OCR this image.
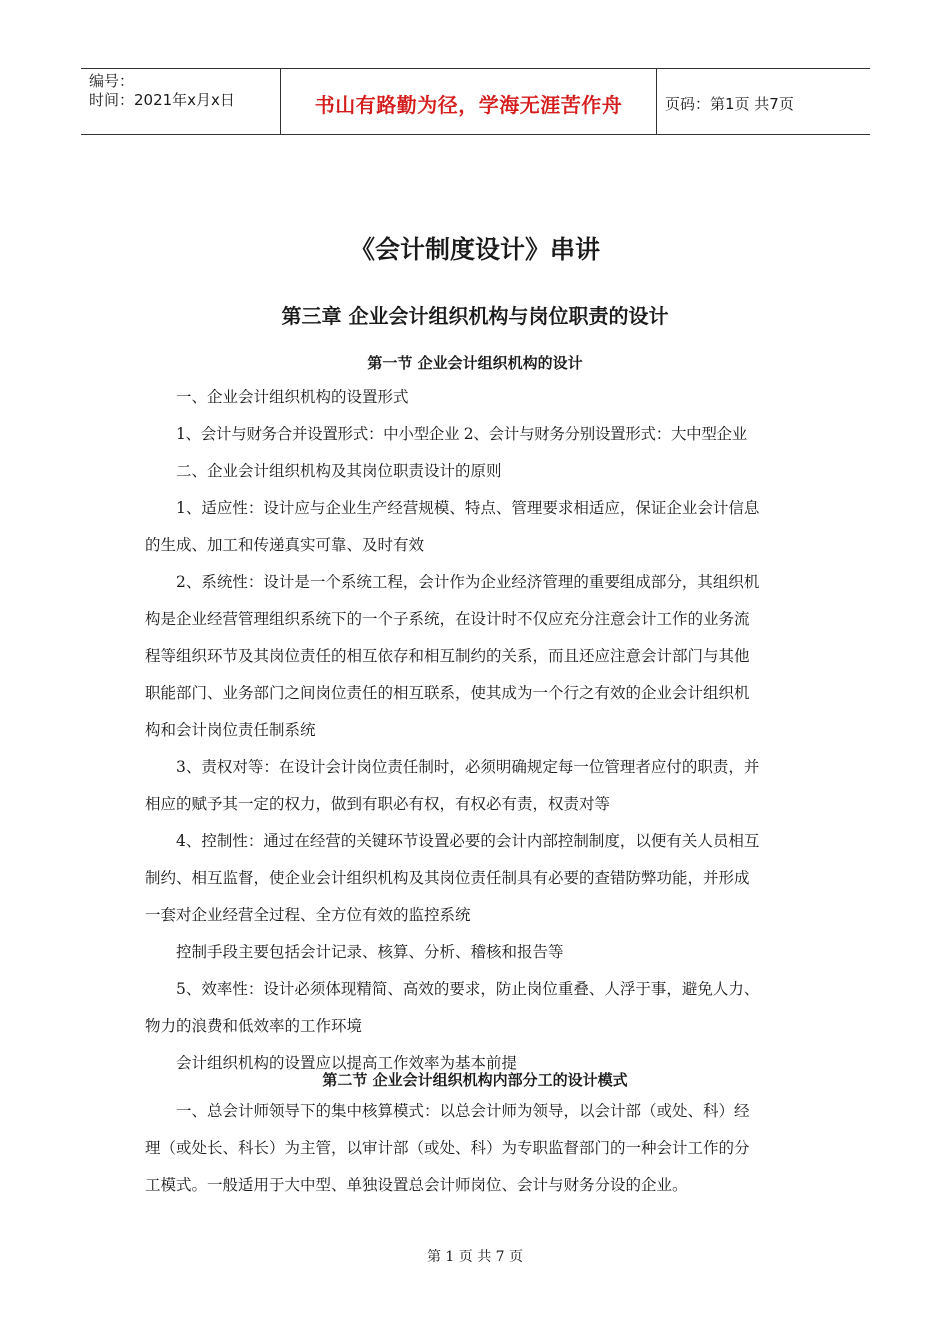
编号：
时间：2021年x月x日	书山有路勤为径，学海无涯苦作舟	页码：第1页 共7页
《会计制度设计》串讲
第三章 企业会计组织机构与岗位职责的设计
第一节 企业会计组织机构的设计

一、企业会计组织机构的设置形式

1、会计与财务合并设置形式：中小型企业 2、会计与财务分别设置形式：大中型企业

二、企业会计组织机构及其岗位职责设计的原则

1、适应性：设计应与企业生产经营规模、特点、管理要求相适应，保证企业会计信息

的生成、加工和传递真实可靠、及时有效

2、系统性：设计是一个系统工程，会计作为企业经济管理的重要组成部分，其组织机

构是企业经营管理组织系统下的一个子系统，在设计时不仅应充分注意会计工作的业务流

程等组织环节及其岗位责任的相互依存和相互制约的关系，而且还应注意会计部门与其他

职能部门、业务部门之间岗位责任的相互联系，使其成为一个行之有效的企业会计组织机

构和会计岗位责任制系统

3、责权对等：在设计会计岗位责任制时，必须明确规定每一位管理者应付的职责，并

相应的赋予其一定的权力，做到有职必有权，有权必有责，权责对等

4、控制性：通过在经营的关键环节设置必要的会计内部控制制度，以便有关人员相互

制约、相互监督，使企业会计组织机构及其岗位责任制具有必要的查错防弊功能，并形成

一套对企业经营全过程、全方位有效的监控系统

控制手段主要包括会计记录、核算、分析、稽核和报告等

5、效率性：设计必须体现精简、高效的要求，防止岗位重叠、人浮于事，避免人力、

物力的浪费和低效率的工作环境

会计组织机构的设置应以提高工作效率为基本前提

第二节 企业会计组织机构内部分工的设计模式

一、总会计师领导下的集中核算模式：以总会计师为领导，以会计部（或处、科）经

理（或处长、科长）为主管，以审计部（或处、科）为专职监督部门的一种会计工作的分

工模式。一般适用于大中型、单独设置总会计师岗位、会计与财务分设的企业。

第 1 页 共 7 页
